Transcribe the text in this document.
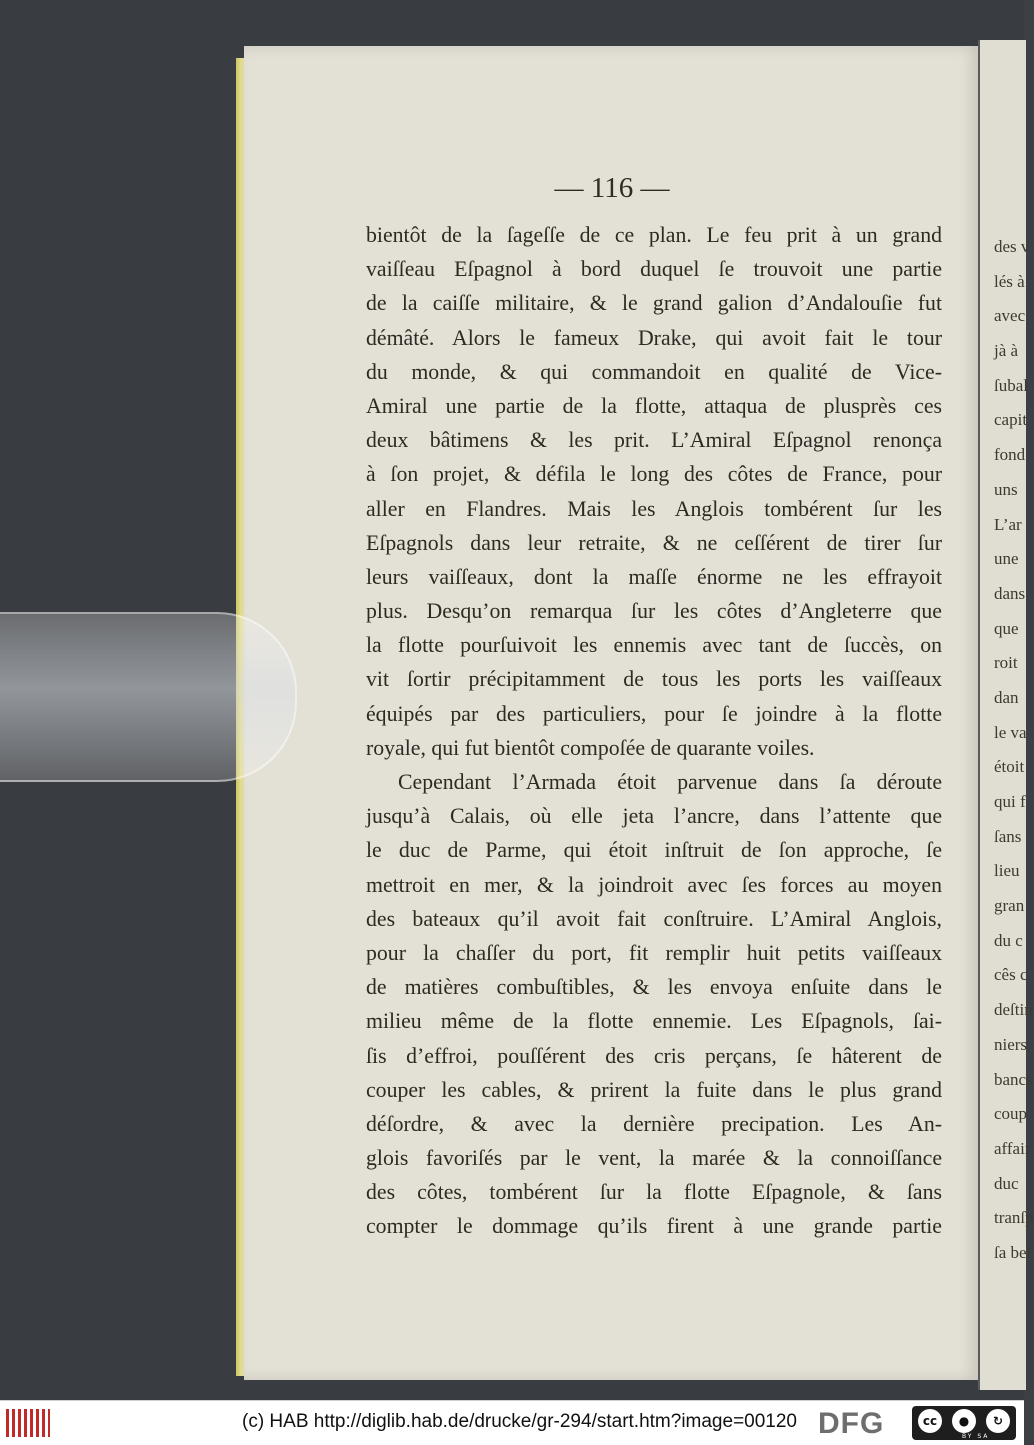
— 116 —
bientôt de la ſageſſe de ce plan. Le feu prit à un grand
vaiſſeau Eſpagnol à bord duquel ſe trouvoit une partie
de la caiſſe militaire, & le grand galion d’Andalouſie fut
démâté. Alors le fameux Drake, qui avoit fait le tour
du monde, & qui commandoit en qualité de Vice-
Amiral une partie de la flotte, attaqua de plusprès ces
deux bâtimens & les prit. L’Amiral Eſpagnol renonça
à ſon projet, & défila le long des côtes de France, pour
aller en Flandres. Mais les Anglois tombérent ſur les
Eſpagnols dans leur retraite, & ne ceſſérent de tirer ſur
leurs vaiſſeaux, dont la maſſe énorme ne les effrayoit
plus. Desqu’on remarqua ſur les côtes d’Angleterre que
la flotte pourſuivoit les ennemis avec tant de ſuccès, on
vit ſortir précipitamment de tous les ports les vaiſſeaux
équipés par des particuliers, pour ſe joindre à la flotte
royale, qui fut bientôt compoſée de quarante voiles.
Cependant l’Armada étoit parvenue dans ſa déroute
jusqu’à Calais, où elle jeta l’ancre, dans l’attente que
le duc de Parme, qui étoit inſtruit de ſon approche, ſe
mettroit en mer, & la joindroit avec ſes forces au moyen
des bateaux qu’il avoit fait conſtruire. L’Amiral Anglois,
pour la chaſſer du port, fit remplir huit petits vaiſſeaux
de matières combuſtibles, & les envoya enſuite dans le
milieu même de la flotte ennemie. Les Eſpagnols, ſai-
ſis d’effroi, pouſſérent des cris perçans, ſe hâterent de
couper les cables, & prirent la fuite dans le plus grand
déſordre, & avec la dernière precipation. Les An-
glois favoriſés par le vent, la marée & la connoiſſance
des côtes, tombérent ſur la flotte Eſpagnole, & ſans
compter le dommage qu’ils firent à une grande partie
des v
lés à
avec
jà à
ſubal
capit
fond
uns
L’ar
une
dans
que
roit
dan
le va
étoit
qui f
ſans
lieu
gran
du c
cês c
deſtin
niers.
bancs
coup
affair
duc
tranſp
ſa bel
(c) HAB http://diglib.hab.de/drucke/gr-294/start.htm?image=00120 DFG	cc	●	↻
BY SA
